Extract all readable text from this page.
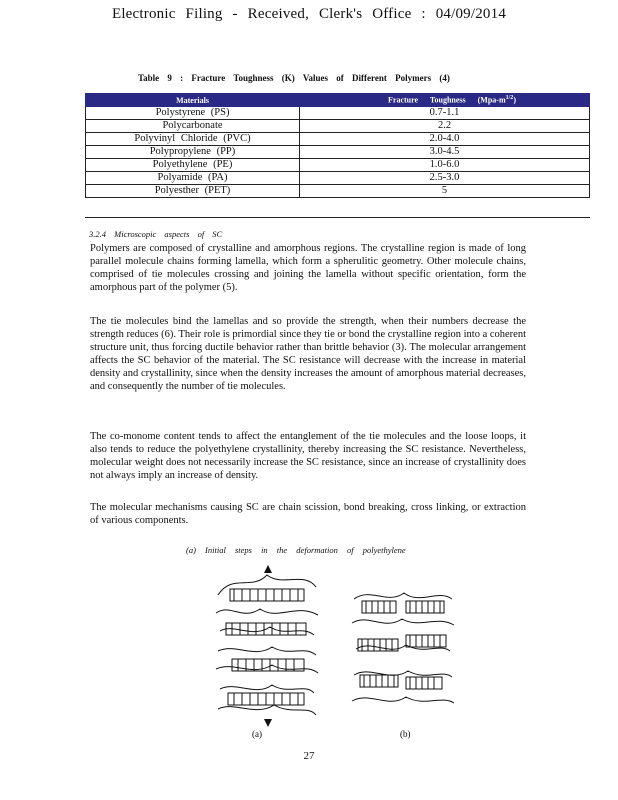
Electronic Filing - Received, Clerk's Office : 04/09/2014
Table 9 : Fracture Toughness (K) Values of Different Polymers (4)
Materials	Fracture Toughness $(Mpa-m^{1/2})$
Polystyrene (PS)	0.7-1.1
Polycarbonate	2.2
Polyvinyl Chloride (PVC)	2.0-4.0
Polypropylene (PP)	3.0-4.5
Polyethylene (PE)	1.0-6.0
Polyamide (PA)	2.5-3.0
Polyesther (PET)	5
3.2.4 Microscopic aspects of SC

Polymers are composed of crystalline and amorphous regions. The crystalline region is made of long parallel molecule chains forming lamella, which form a spherulitic geometry. Other molecule chains, comprised of tie molecules crossing and joining the lamella without specific orientation, form the amorphous part of the polymer (5).

The tie molecules bind the lamellas and so provide the strength, when their numbers decrease the strength reduces (6). Their role is primordial since they tie or bond the crystalline region into a coherent structure unit, thus forcing ductile behavior rather than brittle behavior (3). The molecular arrangement affects the SC behavior of the material. The SC resistance will decrease with the increase in material density and crystallinity, since when the density increases the amount of amorphous material decreases, and consequently the number of tie molecules.

The co-monome content tends to affect the entanglement of the tie molecules and the loose loops, it also tends to reduce the polyethylene crystallinity, thereby increasing the SC resistance. Nevertheless, molecular weight does not necessarily increase the SC resistance, since an increase of crystallinity does not always imply an increase of density.

The molecular mechanisms causing SC are chain scission, bond breaking, cross linking, or extraction of various components.

(a) Initial steps in the deformation of polyethylene
(a)	(b)
27
